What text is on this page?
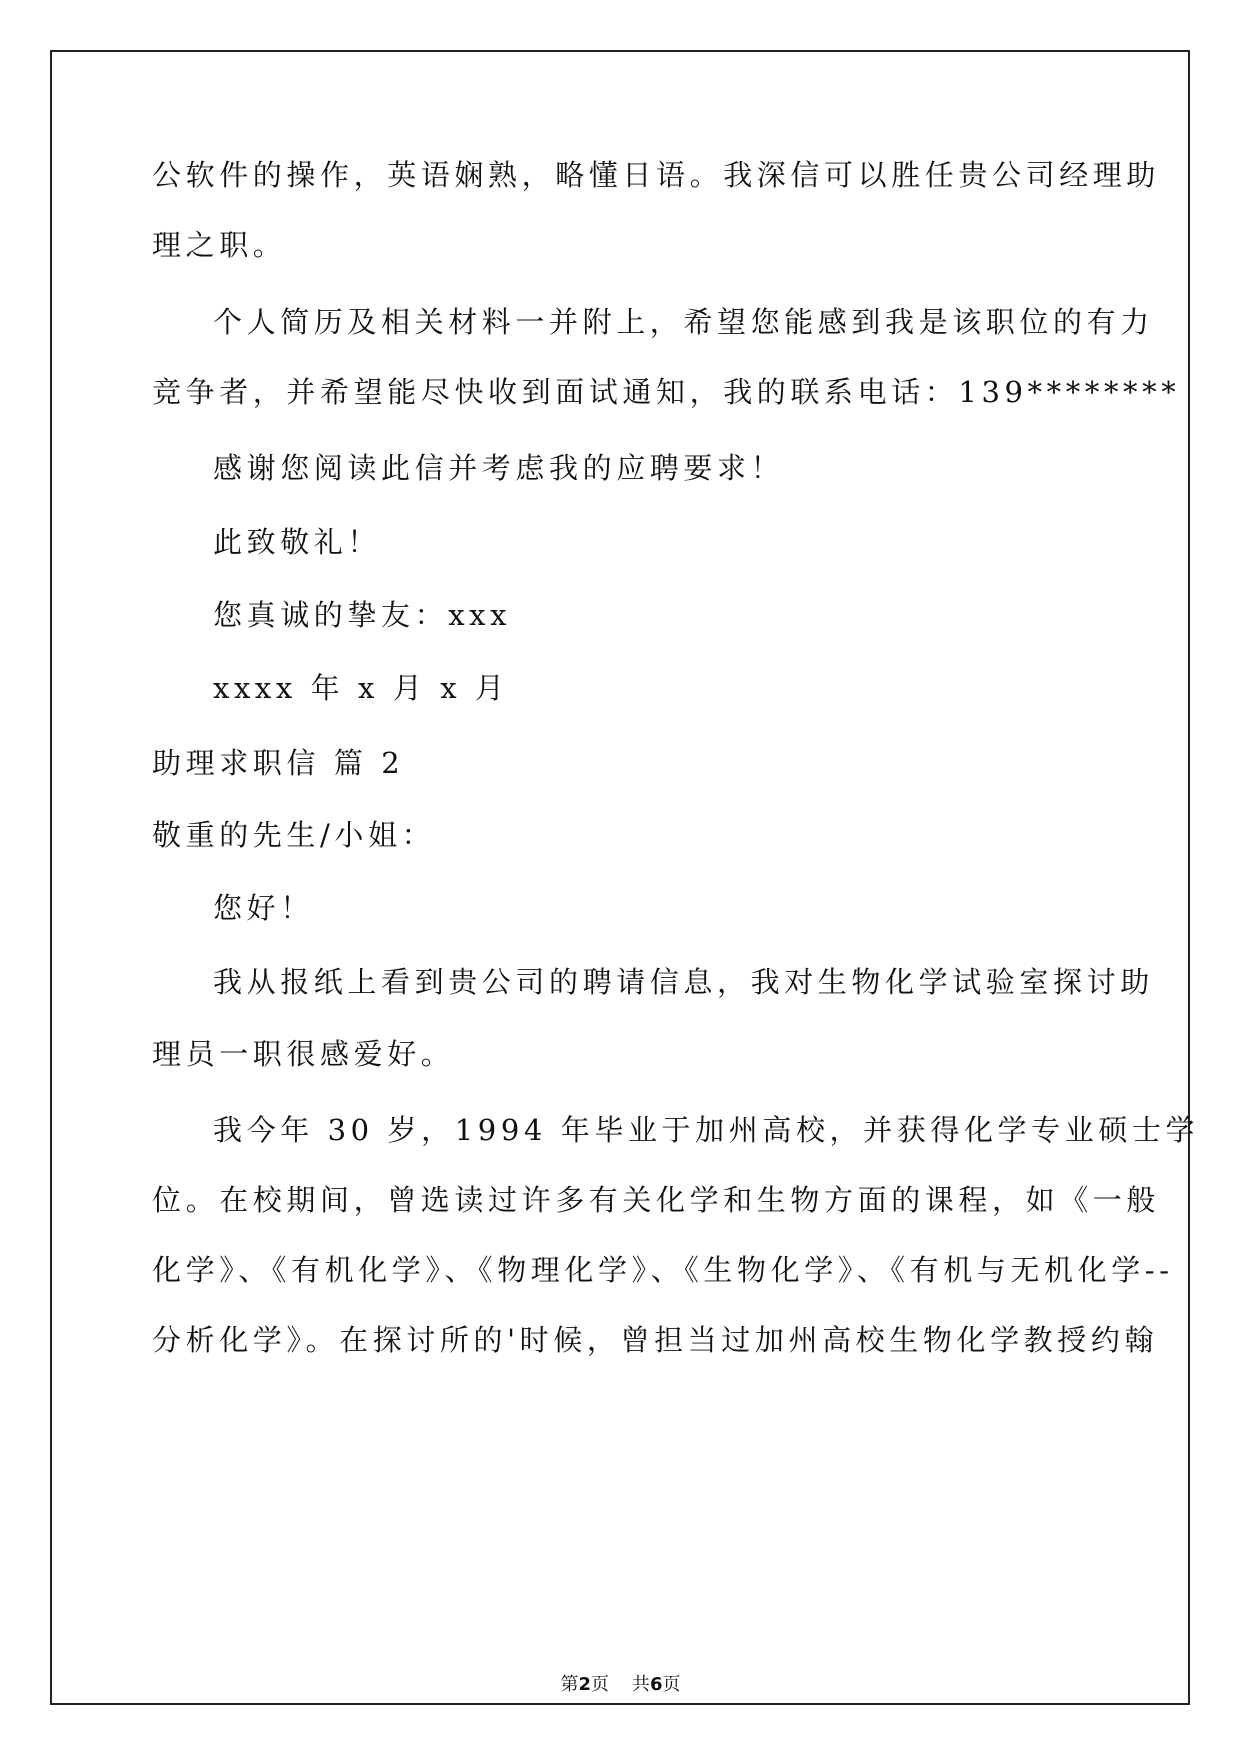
公软件的操作，英语娴熟，略懂日语。我深信可以胜任贵公司经理助
理之职。
个人简历及相关材料一并附上，希望您能感到我是该职位的有力
竞争者，并希望能尽快收到面试通知，我的联系电话：139********
感谢您阅读此信并考虑我的应聘要求！
此致敬礼！
您真诚的挚友：xxx
xxxx 年 x 月 x 月
助理求职信 篇 2
敬重的先生/小姐：
您好！
我从报纸上看到贵公司的聘请信息，我对生物化学试验室探讨助
理员一职很感爱好。
我今年 30 岁，1994 年毕业于加州高校，并获得化学专业硕士学
位。在校期间，曾选读过许多有关化学和生物方面的课程，如《一般
化学》、《有机化学》、《物理化学》、《生物化学》、《有机与无机化学--
分析化学》。在探讨所的'时候，曾担当过加州高校生物化学教授约翰
第2页    共6页
